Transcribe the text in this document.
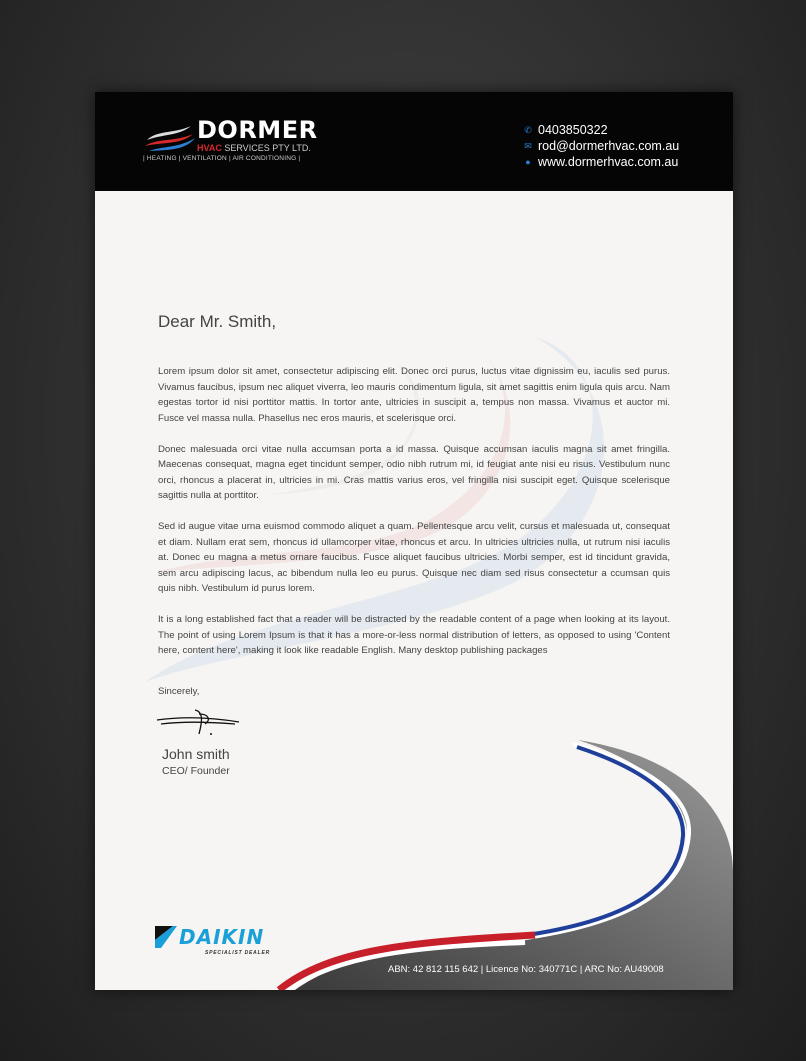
DORMER
HVAC SERVICES PTY LTD.
| HEATING | VENTILATION | AIR CONDITIONING |
✆ 0403850322
✉ rod@dormerhvac.com.au
● www.dormerhvac.com.au
Dear Mr. Smith,

Lorem ipsum dolor sit amet, consectetur adipiscing elit. Donec orci purus, luctus vitae dignissim eu, iaculis sed purus. Vivamus faucibus, ipsum nec aliquet viverra, leo mauris condimentum ligula, sit amet sagittis enim ligula quis arcu. Nam egestas tortor id nisi porttitor mattis. In tortor ante, ultricies in suscipit a, tempus non massa. Vivamus et auctor mi. Fusce vel massa nulla. Phasellus nec eros mauris, et scelerisque orci.

Donec malesuada orci vitae nulla accumsan porta a id massa. Quisque accumsan iaculis magna sit amet fringilla. Maecenas consequat, magna eget tincidunt semper, odio nibh rutrum mi, id feugiat ante nisi eu risus. Vestibulum nunc orci, rhoncus a placerat in, ultricies in mi. Cras mattis varius eros, vel fringilla nisi suscipit eget. Quisque scelerisque sagittis nulla at porttitor.

Sed id augue vitae urna euismod commodo aliquet a quam. Pellentesque arcu velit, cursus et malesuada ut, consequat et diam. Nullam erat sem, rhoncus id ullamcorper vitae, rhoncus et arcu. In ultricies ultricies nulla, ut rutrum nisi iaculis at. Donec eu magna a metus ornare faucibus. Fusce aliquet faucibus ultricies. Morbi semper, est id tincidunt gravida, sem arcu adipiscing lacus, ac bibendum nulla leo eu purus. Quisque nec diam sed risus consectetur a ccumsan quis quis nibh. Vestibulum id purus lorem.

It is a long established fact that a reader will be distracted by the readable content of a page when looking at its layout. The point of using Lorem Ipsum is that it has a more-or-less normal distribution of letters, as opposed to using 'Content here, content here', making it look like readable English. Many desktop publishing packages

Sincerely,
John smith
CEO/ Founder
DAIKIN
SPECIALIST DEALER
ABN: 42 812 115 642 | Licence No: 340771C | ARC No: AU49008
